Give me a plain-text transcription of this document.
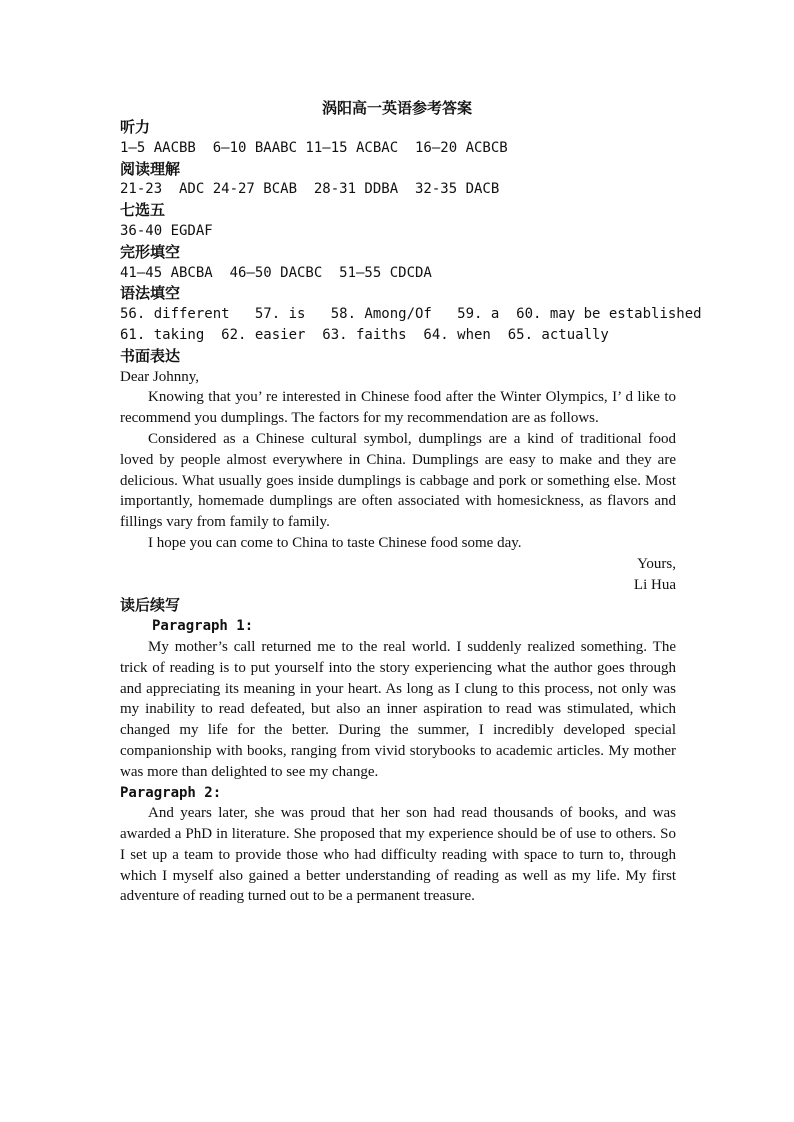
涡阳高一英语参考答案
听力
1—5 AACBB  6—10 BAABC 11—15 ACBAC  16—20 ACBCB
阅读理解
21-23  ADC 24-27 BCAB  28-31 DDBA  32-35 DACB
七选五
36-40 EGDAF
完形填空
41—45 ABCBA  46—50 DACBC  51—55 CDCDA
语法填空
56. different   57. is   58. Among/Of   59. a  60. may be established
61. taking  62. easier  63. faiths  64. when  65. actually
书面表达
Dear Johnny,

Knowing that you’ re interested in Chinese food after the Winter Olympics, I’ d like to recommend you dumplings. The factors for my recommendation are as follows.

Considered as a Chinese cultural symbol, dumplings are a kind of traditional food loved by people almost everywhere in China. Dumplings are easy to make and they are delicious. What usually goes inside dumplings is cabbage and pork or something else. Most importantly, homemade dumplings are often associated with homesickness, as flavors and fillings vary from family to family.

I hope you can come to China to taste Chinese food some day.

Yours,
Li Hua
读后续写
Paragraph 1:

My mother’s call returned me to the real world. I suddenly realized something. The trick of reading is to put yourself into the story experiencing what the author goes through and appreciating its meaning in your heart. As long as I clung to this process, not only was my inability to read defeated, but also an inner aspiration to read was stimulated, which changed my life for the better. During the summer, I incredibly developed special companionship with books, ranging from vivid storybooks to academic articles. My mother was more than delighted to see my change.

Paragraph 2:

And years later, she was proud that her son had read thousands of books, and was awarded a PhD in literature. She proposed that my experience should be of use to others. So I set up a team to provide those who had difficulty reading with space to turn to, through which I myself also gained a better understanding of reading as well as my life. My first adventure of reading turned out to be a permanent treasure.
